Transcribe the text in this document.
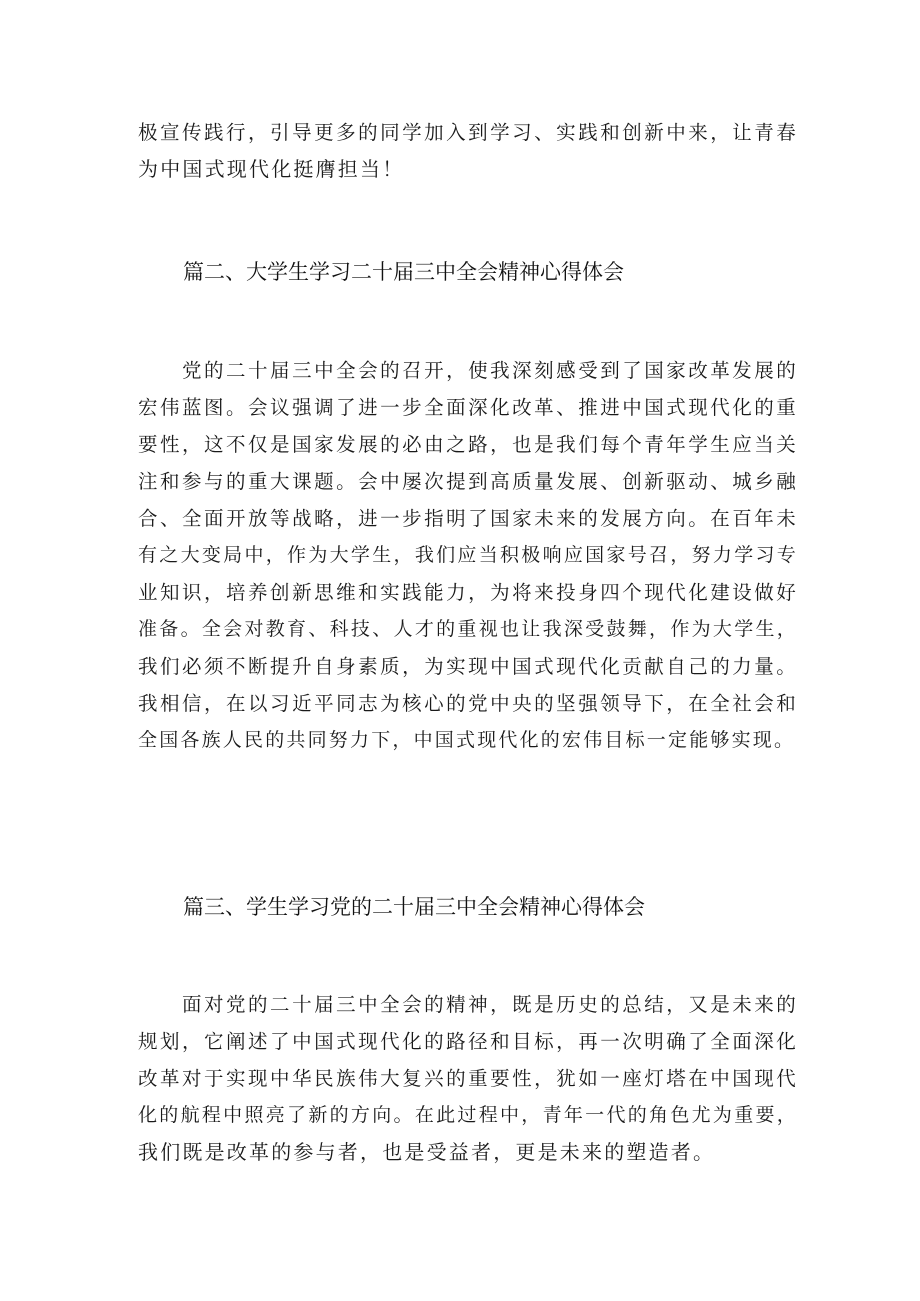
极宣传践行，引导更多的同学加入到学习、实践和创新中来，让青春
为中国式现代化挺膺担当！
篇二、大学生学习二十届三中全会精神心得体会
　　党的二十届三中全会的召开，使我深刻感受到了国家改革发展的
宏伟蓝图。会议强调了进一步全面深化改革、推进中国式现代化的重
要性，这不仅是国家发展的必由之路，也是我们每个青年学生应当关
注和参与的重大课题。会中屡次提到高质量发展、创新驱动、城乡融
合、全面开放等战略，进一步指明了国家未来的发展方向。在百年未
有之大变局中，作为大学生，我们应当积极响应国家号召，努力学习专
业知识，培养创新思维和实践能力，为将来投身四个现代化建设做好
准备。全会对教育、科技、人才的重视也让我深受鼓舞，作为大学生，
我们必须不断提升自身素质，为实现中国式现代化贡献自己的力量。
我相信，在以习近平同志为核心的党中央的坚强领导下，在全社会和
全国各族人民的共同努力下，中国式现代化的宏伟目标一定能够实现。
篇三、学生学习党的二十届三中全会精神心得体会
　　面对党的二十届三中全会的精神，既是历史的总结，又是未来的
规划，它阐述了中国式现代化的路径和目标，再一次明确了全面深化
改革对于实现中华民族伟大复兴的重要性，犹如一座灯塔在中国现代
化的航程中照亮了新的方向。在此过程中，青年一代的角色尤为重要，
我们既是改革的参与者，也是受益者，更是未来的塑造者。
